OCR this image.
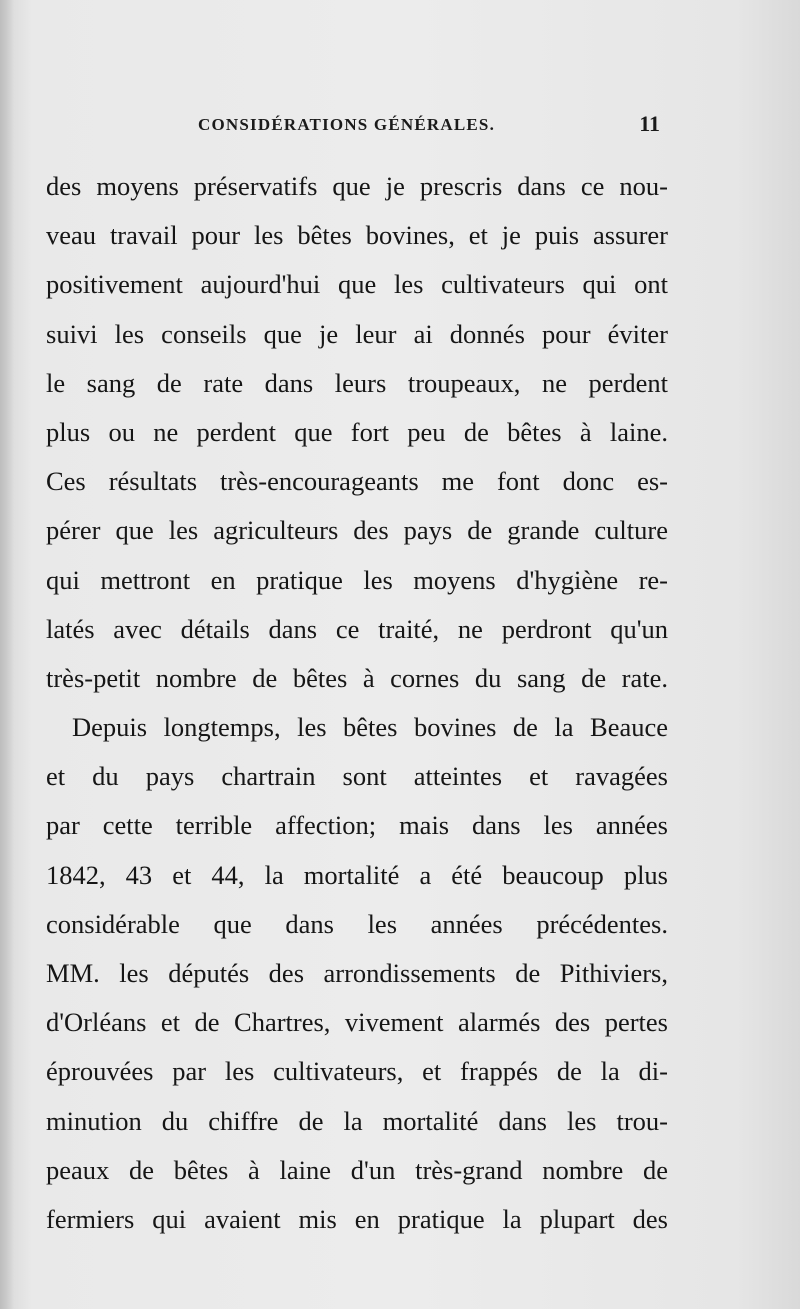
CONSIDÉRATIONS GÉNÉRALES.	11
des moyens préservatifs que je prescris dans ce nou-
veau travail pour les bêtes bovines, et je puis assurer
positivement aujourd'hui que les cultivateurs qui ont
suivi les conseils que je leur ai donnés pour éviter
le sang de rate dans leurs troupeaux, ne perdent
plus ou ne perdent que fort peu de bêtes à laine.
Ces résultats très-encourageants me font donc es-
pérer que les agriculteurs des pays de grande culture
qui mettront en pratique les moyens d'hygiène re-
latés avec détails dans ce traité, ne perdront qu'un
très-petit nombre de bêtes à cornes du sang de rate.
Depuis longtemps, les bêtes bovines de la Beauce
et du pays chartrain sont atteintes et ravagées
par cette terrible affection; mais dans les années
1842, 43 et 44, la mortalité a été beaucoup plus
considérable que dans les années précédentes.
MM. les députés des arrondissements de Pithiviers,
d'Orléans et de Chartres, vivement alarmés des pertes
éprouvées par les cultivateurs, et frappés de la di-
minution du chiffre de la mortalité dans les trou-
peaux de bêtes à laine d'un très-grand nombre de
fermiers qui avaient mis en pratique la plupart des
